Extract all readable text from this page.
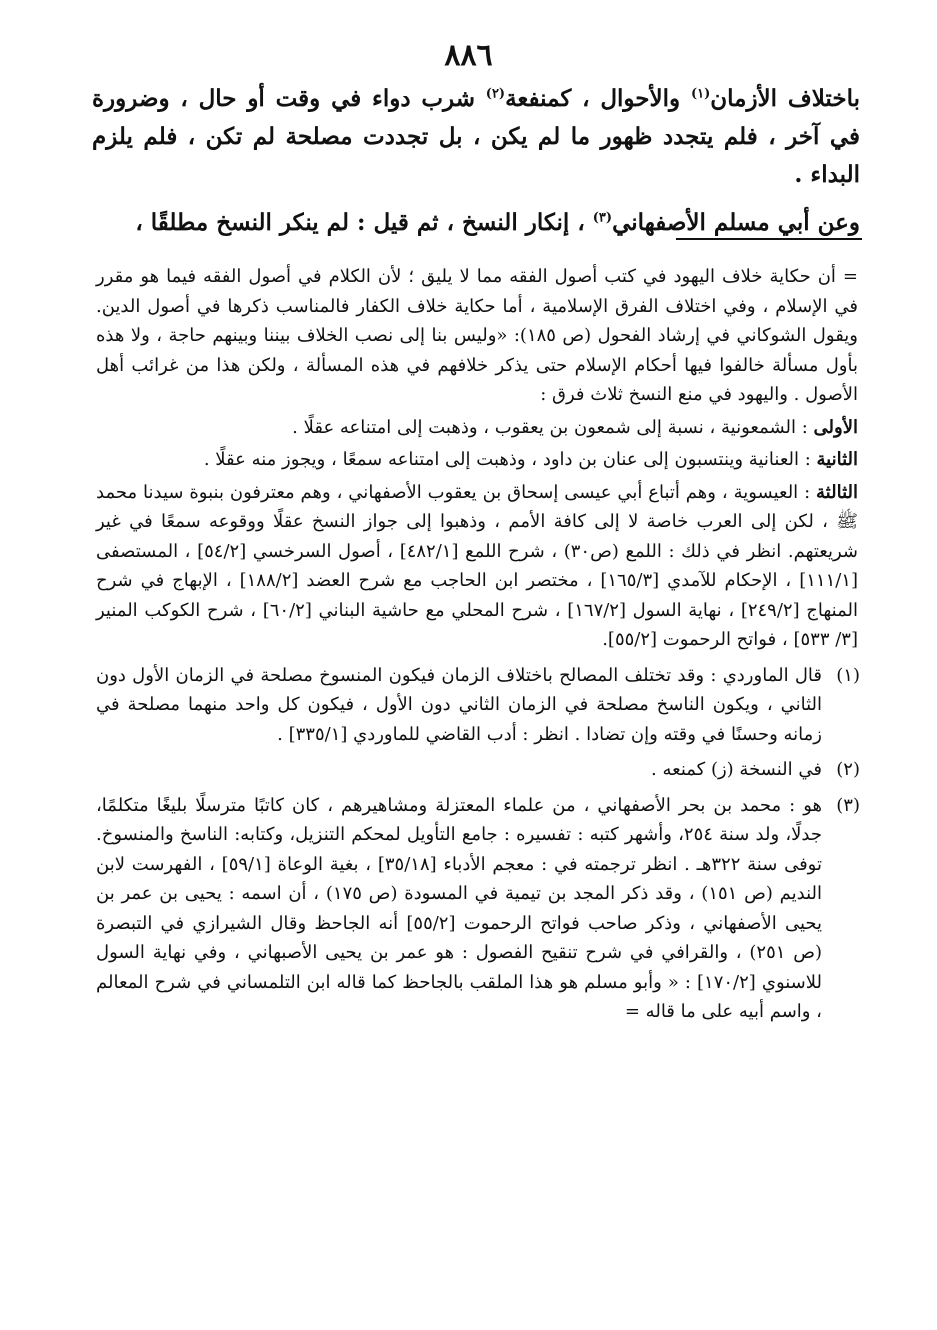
٨٨٦

باختلاف الأزمان$^{(١)}$ والأحوال ، كمنفعة$^{(٢)}$ شرب دواء في وقت أو حال ، وضرورة في آخر ، فلم يتجدد ظهور ما لم يكن ، بل تجددت مصلحة لم تكن ، فلم يلزم البداء .

وعن أبي مسلم الأصفهاني$^{(٣)}$ ، إنكار النسخ ، ثم قيل : لم ينكر النسخ مطلقًا ،

= أن حكاية خلاف اليهود في كتب أصول الفقه مما لا يليق ؛ لأن الكلام في أصول الفقه فيما هو مقرر في الإسلام ، وفي اختلاف الفرق الإسلامية ، أما حكاية خلاف الكفار فالمناسب ذكرها في أصول الدين. ويقول الشوكاني في إرشاد الفحول (ص ١٨٥): «وليس بنا إلى نصب الخلاف بيننا وبينهم حاجة ، ولا هذه بأول مسألة خالفوا فيها أحكام الإسلام حتى يذكر خلافهم في هذه المسألة ، ولكن هذا من غرائب أهل الأصول . واليهود في منع النسخ ثلاث فرق :

الأولى : الشمعونية ، نسبة إلى شمعون بن يعقوب ، وذهبت إلى امتناعه عقلًا .

الثانية : العنانية وينتسبون إلى عنان بن داود ، وذهبت إلى امتناعه سمعًا ، ويجوز منه عقلًا .

الثالثة : العيسوية ، وهم أتباع أبي عيسى إسحاق بن يعقوب الأصفهاني ، وهم معترفون بنبوة سيدنا محمد ﷺ ، لكن إلى العرب خاصة لا إلى كافة الأمم ، وذهبوا إلى جواز النسخ عقلًا ووقوعه سمعًا في غير شريعتهم. انظر في ذلك : اللمع (ص٣٠) ، شرح اللمع [٤٨٢/١] ، أصول السرخسي [٥٤/٢] ، المستصفى [١١١/١] ، الإحكام للآمدي [١٦٥/٣] ، مختصر ابن الحاجب مع شرح العضد [١٨٨/٢] ، الإبهاج في شرح المنهاج [٢٤٩/٢] ، نهاية السول [١٦٧/٢] ، شرح المحلي مع حاشية البناني [٦٠/٢] ، شرح الكوكب المنير [٣/ ٥٣٣] ، فواتح الرحموت [٥٥/٢].

(١)
قال الماوردي : وقد تختلف المصالح باختلاف الزمان فيكون المنسوخ مصلحة في الزمان الأول دون الثاني ، ويكون الناسخ مصلحة في الزمان الثاني دون الأول ، فيكون كل واحد منهما مصلحة في زمانه وحسنًا في وقته وإن تضادا . انظر : أدب القاضي للماوردي [٣٣٥/١] .

(٢)
في النسخة (ز) كمنعه .

(٣)
هو : محمد بن بحر الأصفهاني ، من علماء المعتزلة ومشاهيرهم ، كان كاتبًا مترسلًا بليغًا متكلمًا، جدلًا، ولد سنة ٢٥٤، وأشهر كتبه : تفسيره : جامع التأويل لمحكم التنزيل، وكتابه: الناسخ والمنسوخ. توفى سنة ٣٢٢هـ . انظر ترجمته في : معجم الأدباء [٣٥/١٨] ، بغية الوعاة [٥٩/١] ، الفهرست لابن النديم (ص ١٥١) ، وقد ذكر المجد بن تيمية في المسودة (ص ١٧٥) ، أن اسمه : يحيى بن عمر بن يحيى الأصفهاني ، وذكر صاحب فواتح الرحموت [٥٥/٢] أنه الجاحظ وقال الشيرازي في التبصرة (ص ٢٥١) ، والقرافي في شرح تنقيح الفصول : هو عمر بن يحيى الأصبهاني ، وفي نهاية السول للاسنوي [١٧٠/٢] : « وأبو مسلم هو هذا الملقب بالجاحظ كما قاله ابن التلمساني في شرح المعالم ، واسم أبيه على ما قاله =
